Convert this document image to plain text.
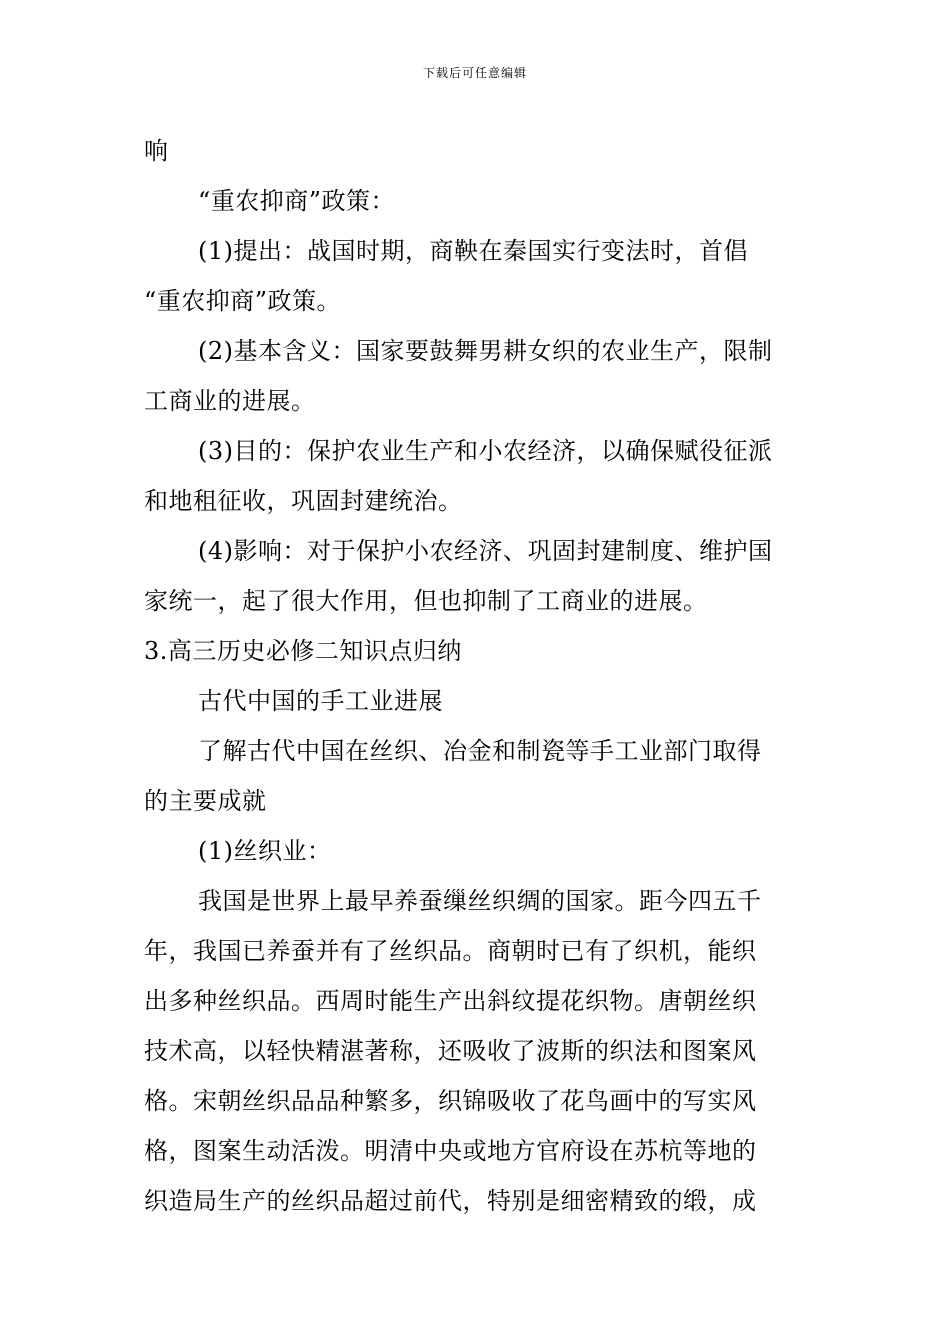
下载后可任意编辑
响
“重农抑商”政策：
(1)提出：战国时期，商鞅在秦国实行变法时，首倡
“重农抑商”政策。
(2)基本含义：国家要鼓舞男耕女织的农业生产，限制
工商业的进展。
(3)目的：保护农业生产和小农经济，以确保赋役征派
和地租征收，巩固封建统治。
(4)影响：对于保护小农经济、巩固封建制度、维护国
家统一，起了很大作用，但也抑制了工商业的进展。
3.高三历史必修二知识点归纳
古代中国的手工业进展
了解古代中国在丝织、冶金和制瓷等手工业部门取得
的主要成就
(1)丝织业：
我国是世界上最早养蚕缫丝织绸的国家。距今四五千
年，我国已养蚕并有了丝织品。商朝时已有了织机，能织
出多种丝织品。西周时能生产出斜纹提花织物。唐朝丝织
技术高，以轻快精湛著称，还吸收了波斯的织法和图案风
格。宋朝丝织品品种繁多，织锦吸收了花鸟画中的写实风
格，图案生动活泼。明清中央或地方官府设在苏杭等地的
织造局生产的丝织品超过前代，特别是细密精致的缎，成
